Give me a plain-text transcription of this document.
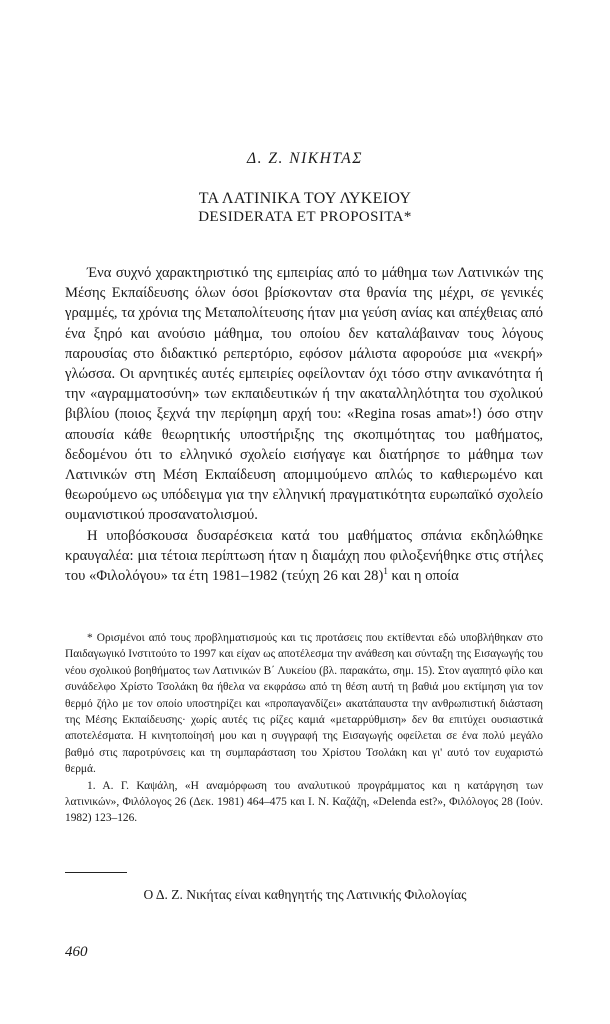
Δ. Ζ. ΝΙΚΗΤΑΣ
ΤΑ ΛΑΤΙΝΙΚΑ ΤΟΥ ΛΥΚΕΙΟΥ
DESIDERATA ET PROPOSITA*

Ένα συχνό χαρακτηριστικό της εμπειρίας από το μάθημα των Λατινικών της Μέσης Εκπαίδευσης όλων όσοι βρίσκονταν στα θρανία της μέχρι, σε γενικές γραμμές, τα χρόνια της Μεταπολίτευσης ήταν μια γεύση ανίας και απέχθειας από ένα ξηρό και ανούσιο μάθημα, του οποίου δεν καταλάβαιναν τους λόγους παρουσίας στο διδακτικό ρεπερτόριο, εφόσον μάλιστα αφορούσε μια «νεκρή» γλώσσα. Οι αρνητικές αυτές εμπειρίες οφείλονταν όχι τόσο στην ανικανότητα ή την «αγραμματοσύνη» των εκπαιδευτικών ή την ακαταλληλότητα του σχολικού βιβλίου (ποιος ξεχνά την περίφημη αρχή του: «Regina rosas amat»!) όσο στην απουσία κάθε θεωρητικής υποστήριξης της σκοπιμότητας του μαθήματος, δεδομένου ότι το ελληνικό σχολείο εισήγαγε και διατήρησε το μάθημα των Λατινικών στη Μέση Εκπαίδευση απομιμούμενο απλώς το καθιερωμένο και θεωρούμενο ως υπόδειγμα για την ελληνική πραγματικότητα ευρωπαϊκό σχολείο ουμανιστικού προσανατολισμού.

Η υποβόσκουσα δυσαρέσκεια κατά του μαθήματος σπάνια εκδηλώθηκε κραυγαλέα: μια τέτοια περίπτωση ήταν η διαμάχη που φιλοξενήθηκε στις στήλες του «Φιλολόγου» τα έτη 1981–1982 (τεύχη 26 και 28)$^1$ και η οποία

* Ορισμένοι από τους προβληματισμούς και τις προτάσεις που εκτίθενται εδώ υποβλήθηκαν στο Παιδαγωγικό Ινστιτούτο το 1997 και είχαν ως αποτέλεσμα την ανάθεση και σύνταξη της Εισαγωγής του νέου σχολικού βοηθήματος των Λατινικών Β΄ Λυκείου (βλ. παρακάτω, σημ. 15). Στον αγαπητό φίλο και συνάδελφο Χρίστο Τσολάκη θα ήθελα να εκφράσω από τη θέση αυτή τη βαθιά μου εκτίμηση για τον θερμό ζήλο με τον οποίο υποστηρίζει και «προπαγανδίζει» ακατάπαυστα την ανθρωπιστική διάσταση της Μέσης Εκπαίδευσης· χωρίς αυτές τις ρίζες καμιά «μεταρρύθμιση» δεν θα επιτύχει ουσιαστικά αποτελέσματα. Η κινητοποίησή μου και η συγγραφή της Εισαγωγής οφείλεται σε ένα πολύ μεγάλο βαθμό στις παροτρύνσεις και τη συμπαράσταση του Χρίστου Τσολάκη και γι' αυτό τον ευχαριστώ θερμά.

1. Α. Γ. Καψάλη, «Η αναμόρφωση του αναλυτικού προγράμματος και η κατάργηση των λατινικών», Φιλόλογος 26 (Δεκ. 1981) 464–475 και Ι. Ν. Καζάζη, «Delenda est?», Φιλόλογος 28 (Ιούν. 1982) 123–126.

Ο Δ. Ζ. Νικήτας είναι καθηγητής της Λατινικής Φιλολογίας
460
